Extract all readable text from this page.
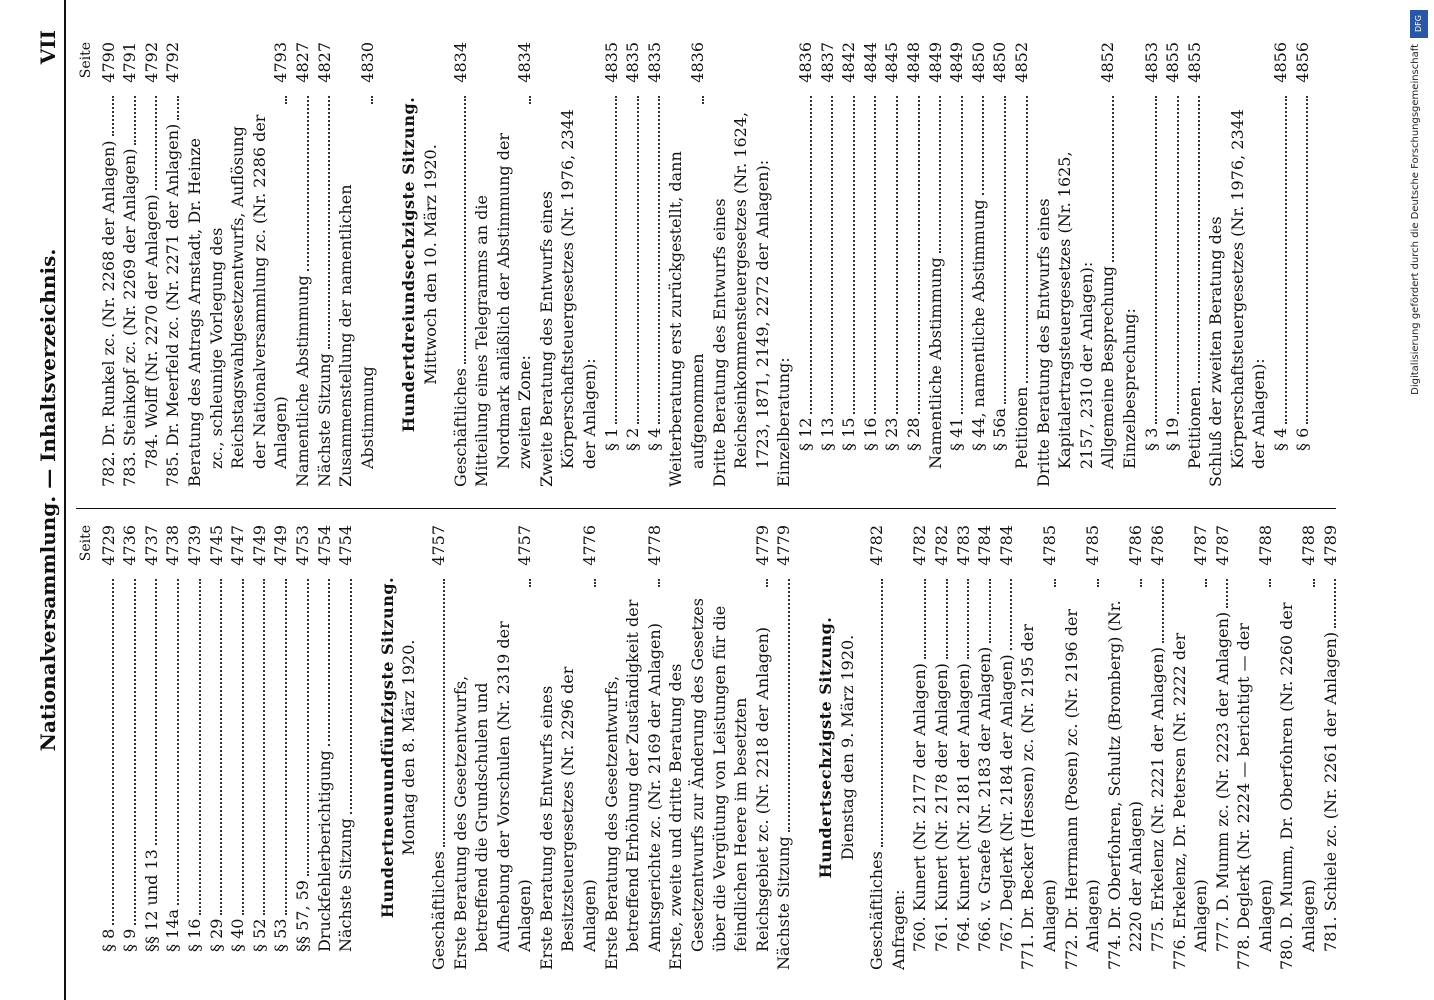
Nationalversammlung. — Inhaltsverzeichnis.
VII
Seite
§ 8
4729
§ 9
4736
§§ 12 und 13
4737
§ 14a
4738
§ 16
4739
§ 29
4745
§ 40
4747
§ 52
4749
§ 53
4749
§§ 57, 59
4753
Druckfehlerberichtigung
4754
Nächste Sitzung
4754
Hundertneunundfünfzigste Sitzung. Montag den 8. März 1920.
Geschäftliches
4757
Erste Beratung des Gesetzentwurfs, betreffend die Grundschulen und Aufhebung der Vorschulen (Nr. 2319 der Anlagen)
4757
Erste Beratung des Entwurfs eines Besitzsteuergesetzes (Nr. 2296 der Anlagen)
4776
Erste Beratung des Gesetzentwurfs, betreffend Erhöhung der Zuständigkeit der Amtsgerichte zc. (Nr. 2169 der Anlagen)
4778
Erste, zweite und dritte Beratung des Gesetzentwurfs zur Änderung des Gesetzes über die Vergütung von Leistungen für die feindlichen Heere im besetzten Reichsgebiet zc. (Nr. 2218 der Anlagen)
4779
Nächste Sitzung
4779
Hundertsechzigste Sitzung. Dienstag den 9. März 1920.
Geschäftliches
4782
Anfragen: 760. Kunert (Nr. 2177 der Anlagen)
4782
761. Kunert (Nr. 2178 der Anlagen)
4782
764. Kunert (Nr. 2181 der Anlagen)
4783
766. v. Graefe (Nr. 2183 der Anlagen)
4784
767. Deglerk (Nr. 2184 der Anlagen)
4784
771. Dr. Becker (Hessen) zc. (Nr. 2195 der Anlagen)
4785
772. Dr. Herrmann (Posen) zc. (Nr. 2196 der Anlagen)
4785
774. Dr. Oberfohren, Schultz (Bromberg) (Nr. 2220 der Anlagen)
4786
775. Erkelenz (Nr. 2221 der Anlagen)
4786
776. Erkelenz, Dr. Petersen (Nr. 2222 der Anlagen)
4787
777. D. Mumm zc. (Nr. 2223 der Anlagen)
4787
778. Deglerk (Nr. 2224 — berichtigt — der Anlagen)
4788
780. D. Mumm, Dr. Oberfohren (Nr. 2260 der Anlagen)
4788
781. Schiele zc. (Nr. 2261 der Anlagen)
4789
Seite
782. Dr. Runkel zc. (Nr. 2268 der Anlagen)
4790
783. Steinkopf zc. (Nr. 2269 der Anlagen)
4791
784. Wolff (Nr. 2270 der Anlagen)
4792
785. Dr. Meerfeld zc. (Nr. 2271 der Anlagen)
4792
Beratung des Antrags Arnstadt, Dr. Heinze zc., schleunige Vorlegung des Reichstagswahlgesetzentwurfs, Auflösung der Nationalversammlung zc. (Nr. 2286 der Anlagen)
4793
Namentliche Abstimmung
4827
Nächste Sitzung
4827
Zusammenstellung der namentlichen Abstimmung
4830
Hundertdreiundsechzigste Sitzung. Mittwoch den 10. März 1920.
Geschäftliches
4834
Mitteilung eines Telegramms an die Nordmark anläßlich der Abstimmung der zweiten Zone:
4834
Zweite Beratung des Entwurfs eines Körperschaftsteuergesetzes (Nr. 1976, 2344 der Anlagen): § 1
4835
§ 2
4835
§ 4
4835
Weiterberatung erst zurückgestellt, dann aufgenommen
4836
Dritte Beratung des Entwurfs eines Reichseinkommensteuergesetzes (Nr. 1624, 1723, 1871, 2149, 2272 der Anlagen): Einzelberatung: § 12
4836
§ 13
4837
§ 15
4842
§ 16
4844
§ 23
4845
§ 28
4848
Namentliche Abstimmung
4849
§ 41
4849
§ 44, namentliche Abstimmung
4850
§ 56a
4850
Petitionen
4852
Dritte Beratung des Entwurfs eines Kapitalertragsteuergesetzes (Nr. 1625, 2157, 2310 der Anlagen): Allgemeine Besprechung
4852
Einzelbesprechung: § 3
4853
§ 19
4855
Petitionen
4855
Schluß der zweiten Beratung des Körperschaftsteuergesetzes (Nr. 1976, 2344 der Anlagen): § 4
4856
§ 6
4856
DFG
Digitalisierung gefördert durch die Deutsche Forschungsgemeinschaft
